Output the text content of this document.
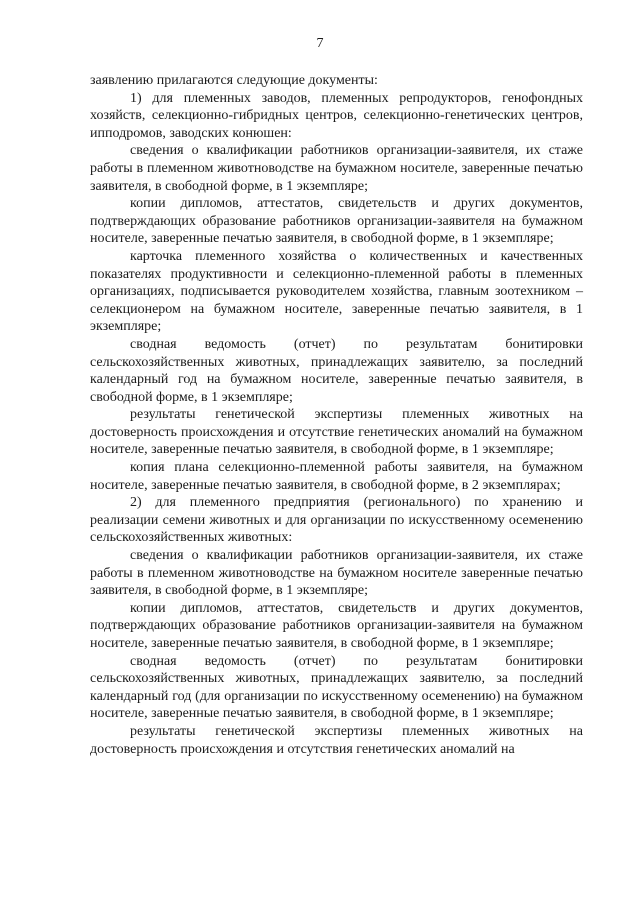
7

заявлению прилагаются следующие документы:

1) для племенных заводов, племенных репродукторов, генофондных хозяйств, селекционно-гибридных центров, селекционно-генетических центров, ипподромов, заводских конюшен:

сведения о квалификации работников организации-заявителя, их стаже работы в племенном животноводстве на бумажном носителе, заверенные печатью заявителя, в свободной форме, в 1 экземпляре;

копии дипломов, аттестатов, свидетельств и других документов, подтверждающих образование работников организации-заявителя на бумажном носителе, заверенные печатью заявителя, в свободной форме, в 1 экземпляре;

карточка племенного хозяйства о количественных и качественных показателях продуктивности и селекционно-племенной работы в племенных организациях, подписывается руководителем хозяйства, главным зоотехником – селекционером на бумажном носителе, заверенные печатью заявителя, в 1 экземпляре;

сводная ведомость (отчет) по результатам бонитировки сельскохозяйственных животных, принадлежащих заявителю, за последний календарный год на бумажном носителе, заверенные печатью заявителя, в свободной форме, в 1 экземпляре;

результаты генетической экспертизы племенных животных на достоверность происхождения и отсутствие генетических аномалий на бумажном носителе, заверенные печатью заявителя, в свободной форме, в 1 экземпляре;

копия плана селекционно-племенной работы заявителя, на бумажном носителе, заверенные печатью заявителя, в свободной форме, в 2 экземплярах;

2) для племенного предприятия (регионального) по хранению и реализации семени животных и для организации по искусственному осеменению сельскохозяйственных животных:

сведения о квалификации работников организации-заявителя, их стаже работы в племенном животноводстве на бумажном носителе заверенные печатью заявителя, в свободной форме, в 1 экземпляре;

копии дипломов, аттестатов, свидетельств и других документов, подтверждающих образование работников организации-заявителя на бумажном носителе, заверенные печатью заявителя, в свободной форме, в 1 экземпляре;

сводная ведомость (отчет) по результатам бонитировки сельскохозяйственных животных, принадлежащих заявителю, за последний календарный год (для организации по искусственному осеменению) на бумажном носителе, заверенные печатью заявителя, в свободной форме, в 1 экземпляре;

результаты генетической экспертизы племенных животных на достоверность происхождения и отсутствия генетических аномалий на
